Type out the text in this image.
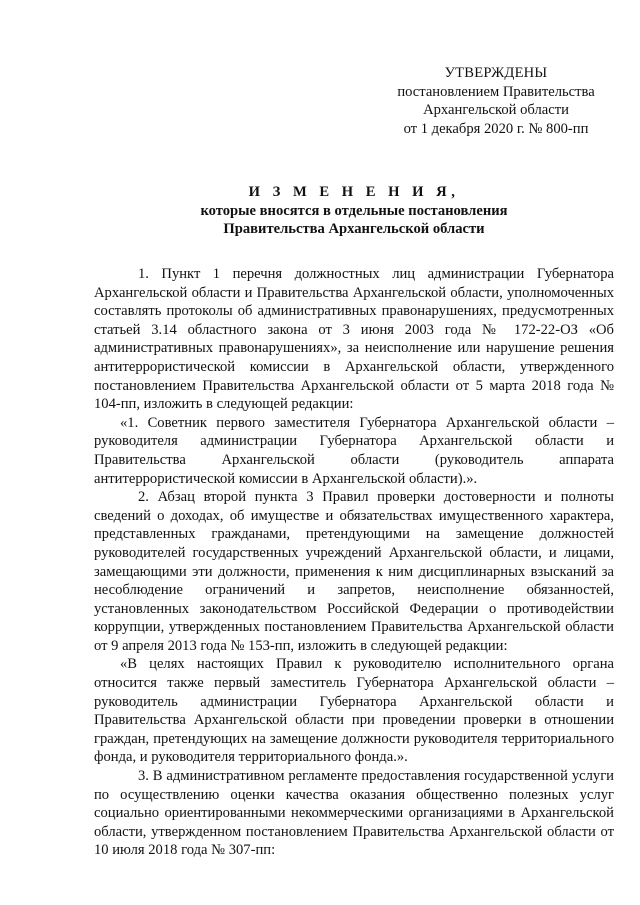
УТВЕРЖДЕНЫ
постановлением Правительства
Архангельской области
от 1 декабря 2020 г. № 800-пп
И З М Е Н Е Н И Я,
которые вносятся в отдельные постановления
Правительства Архангельской области

1. Пункт 1 перечня должностных лиц администрации Губернатора Архангельской области и Правительства Архангельской области, уполномоченных составлять протоколы об административных правонарушениях, предусмотренных статьей 3.14 областного закона от 3 июня 2003 года № 172-22-ОЗ «Об административных правонарушениях», за неисполнение или нарушение решения антитеррористической комиссии в Архангельской области, утвержденного постановлением Правительства Архангельской области от 5 марта 2018 года № 104-пп, изложить в следующей редакции:

«1. Советник первого заместителя Губернатора Архангельской области – руководителя администрации Губернатора Архангельской области и Правительства Архангельской области (руководитель аппарата антитеррористической комиссии в Архангельской области).».

2. Абзац второй пункта 3 Правил проверки достоверности и полноты сведений о доходах, об имуществе и обязательствах имущественного характера, представленных гражданами, претендующими на замещение должностей руководителей государственных учреждений Архангельской области, и лицами, замещающими эти должности, применения к ним дисциплинарных взысканий за несоблюдение ограничений и запретов, неисполнение обязанностей, установленных законодательством Российской Федерации о противодействии коррупции, утвержденных постановлением Правительства Архангельской области от 9 апреля 2013 года № 153-пп, изложить в следующей редакции:

«В целях настоящих Правил к руководителю исполнительного органа относится также первый заместитель Губернатора Архангельской области – руководитель администрации Губернатора Архангельской области и Правительства Архангельской области при проведении проверки в отношении граждан, претендующих на замещение должности руководителя территориального фонда, и руководителя территориального фонда.».

3. В административном регламенте предоставления государственной услуги по осуществлению оценки качества оказания общественно полезных услуг социально ориентированными некоммерческими организациями в Архангельской области, утвержденном постановлением Правительства Архангельской области от 10 июля 2018 года № 307-пп:
